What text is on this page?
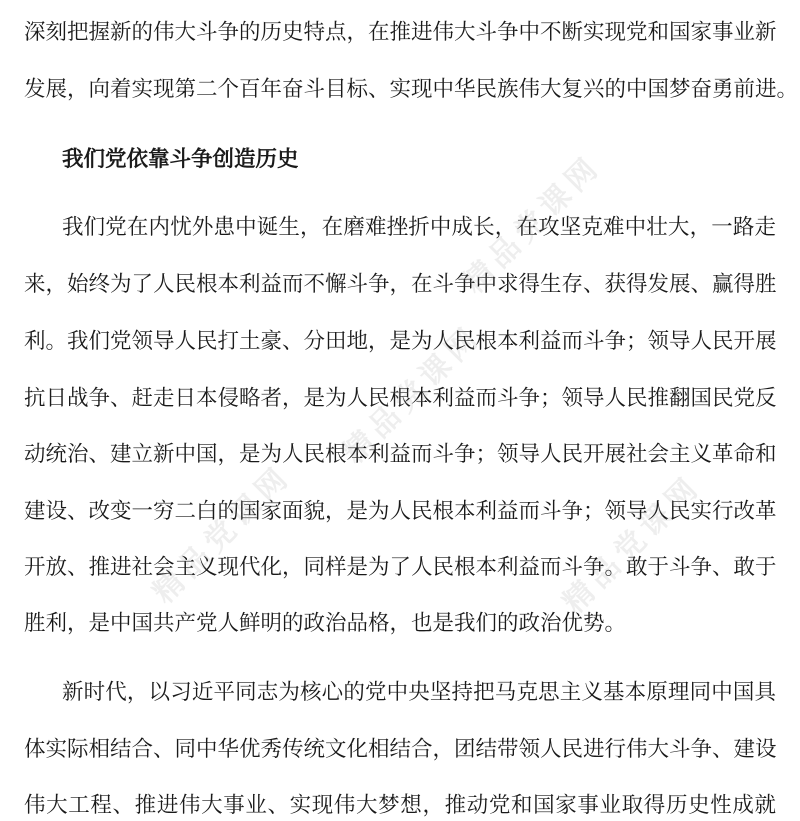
深刻把握新的伟大斗争的历史特点，在推进伟大斗争中不断实现党和国家事业新
发展，向着实现第二个百年奋斗目标、实现中华民族伟大复兴的中国梦奋勇前进。
我们党依靠斗争创造历史
我们党在内忧外患中诞生，在磨难挫折中成长，在攻坚克难中壮大，一路走
来，始终为了人民根本利益而不懈斗争，在斗争中求得生存、获得发展、赢得胜
利。我们党领导人民打土豪、分田地，是为人民根本利益而斗争；领导人民开展
抗日战争、赶走日本侵略者，是为人民根本利益而斗争；领导人民推翻国民党反
动统治、建立新中国，是为人民根本利益而斗争；领导人民开展社会主义革命和
建设、改变一穷二白的国家面貌，是为人民根本利益而斗争；领导人民实行改革
开放、推进社会主义现代化，同样是为了人民根本利益而斗争。敢于斗争、敢于
胜利，是中国共产党人鲜明的政治品格，也是我们的政治优势。
新时代，以习近平同志为核心的党中央坚持把马克思主义基本原理同中国具
体实际相结合、同中华优秀传统文化相结合，团结带领人民进行伟大斗争、建设
伟大工程、推进伟大事业、实现伟大梦想，推动党和国家事业取得历史性成就
精品党课网
精品党课网
精品党课网	精品党课网
